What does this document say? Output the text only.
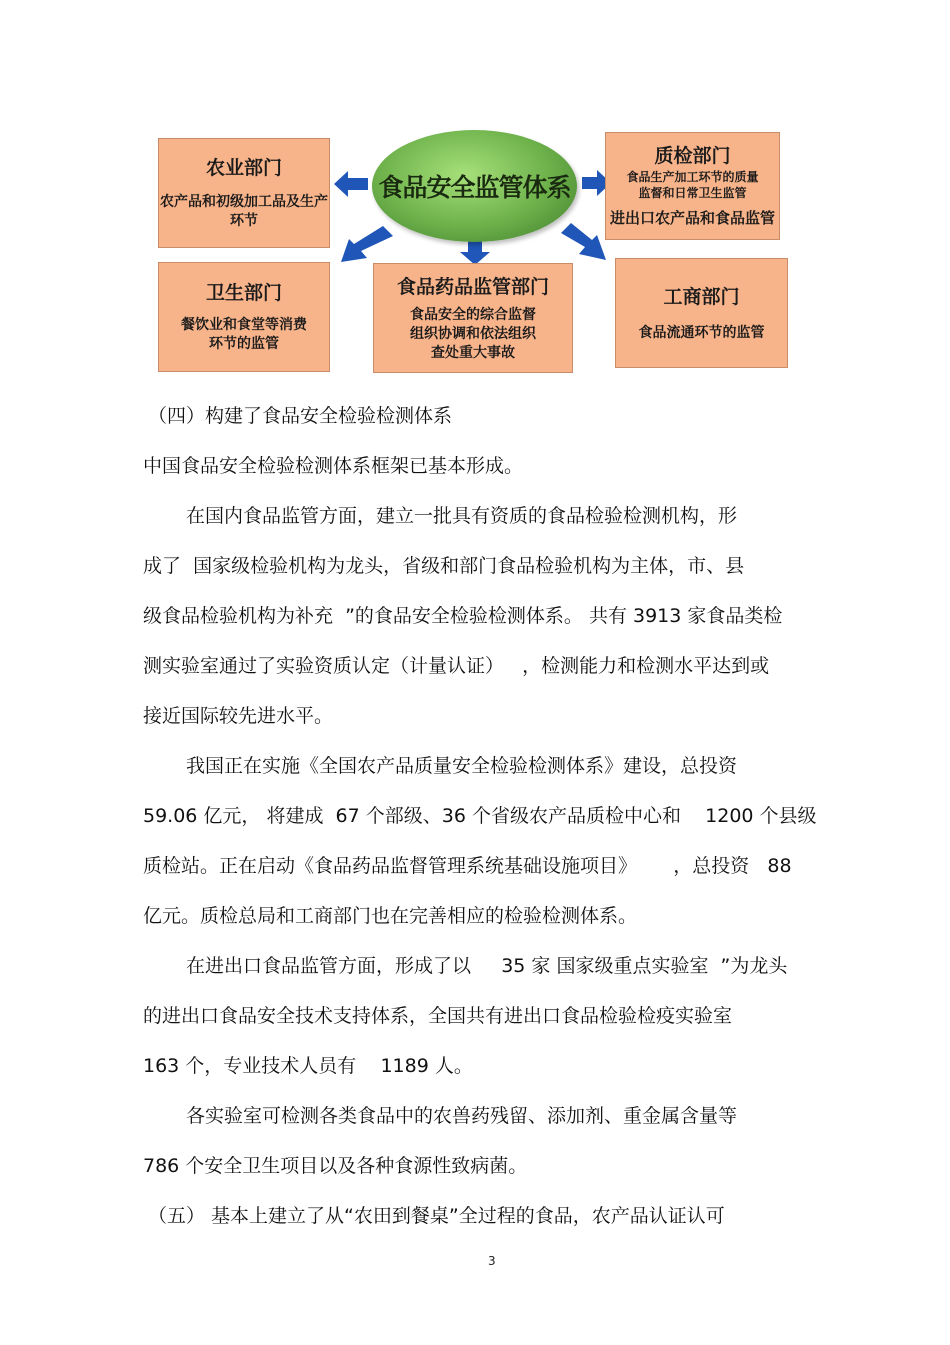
农业部门
农产品和初级加工品及生产环节
食品安全监管体系
质检部门
食品生产加工环节的质量
监督和日常卫生监管
进出口农产品和食品监管
卫生部门
餐饮业和食堂等消费
环节的监管
食品药品监管部门
食品安全的综合监督
组织协调和依法组织
查处重大事故
工商部门
食品流通环节的监管
（四）构建了食品安全检验检测体系
中国食品安全检验检测体系框架已基本形成。
在国内食品监管方面，建立一批具有资质的食品检验检测机构，形
成了  国家级检验机构为龙头，省级和部门食品检验机构为主体，市、县
级食品检验机构为补充  ”的食品安全检验检测体系。 共有 3913 家食品类检
测实验室通过了实验资质认定（计量认证）   ，检测能力和检测水平达到或
接近国际较先进水平。
我国正在实施《全国农产品质量安全检验检测体系》建设，总投资
59.06 亿元， 将建成  67 个部级、36 个省级农产品质检中心和    1200 个县级
质检站。正在启动《食品药品监督管理系统基础设施项目》      ，总投资   88
亿元。质检总局和工商部门也在完善相应的检验检测体系。
在进出口食品监管方面，形成了以     35 家 国家级重点实验室  ”为龙头
的进出口食品安全技术支持体系，全国共有进出口食品检验检疫实验室
163 个，专业技术人员有    1189 人。
各实验室可检测各类食品中的农兽药残留、添加剂、重金属含量等
786 个安全卫生项目以及各种食源性致病菌。
（五） 基本上建立了从“农田到餐桌”全过程的食品，农产品认证认可
3
